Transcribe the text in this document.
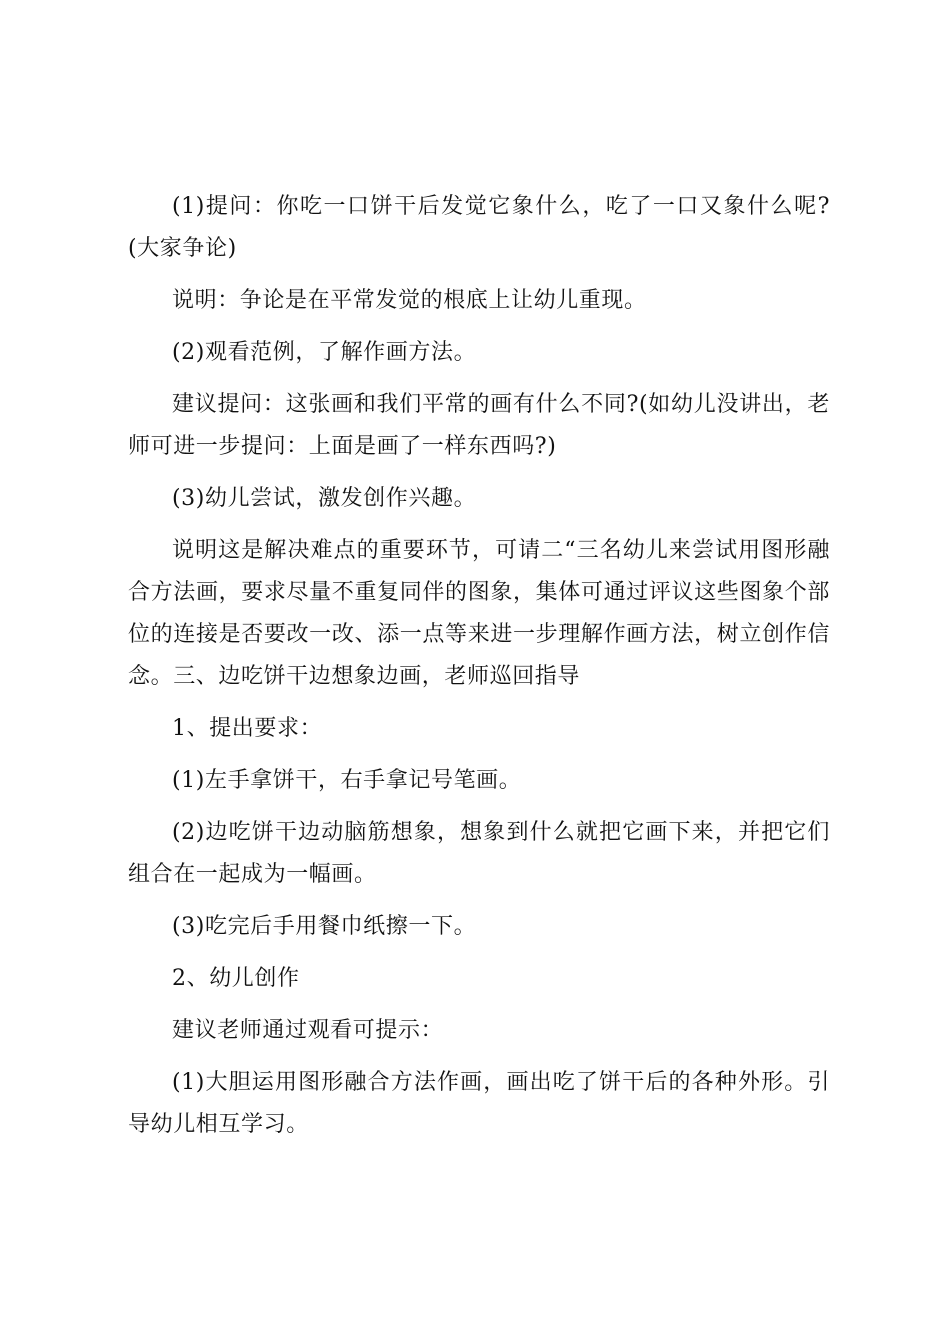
(1)提问：你吃一口饼干后发觉它象什么，吃了一口又象什么呢?(大家争论)

说明：争论是在平常发觉的根底上让幼儿重现。

(2)观看范例，了解作画方法。

建议提问：这张画和我们平常的画有什么不同?(如幼儿没讲出，老师可进一步提问：上面是画了一样东西吗?)

(3)幼儿尝试，激发创作兴趣。

说明这是解决难点的重要环节，可请二“三名幼儿来尝试用图形融合方法画，要求尽量不重复同伴的图象，集体可通过评议这些图象个部位的连接是否要改一改、添一点等来进一步理解作画方法，树立创作信念。三、边吃饼干边想象边画，老师巡回指导

1、提出要求：

(1)左手拿饼干，右手拿记号笔画。

(2)边吃饼干边动脑筋想象，想象到什么就把它画下来，并把它们组合在一起成为一幅画。

(3)吃完后手用餐巾纸擦一下。

2、幼儿创作

建议老师通过观看可提示：

(1)大胆运用图形融合方法作画，画出吃了饼干后的各种外形。引导幼儿相互学习。
